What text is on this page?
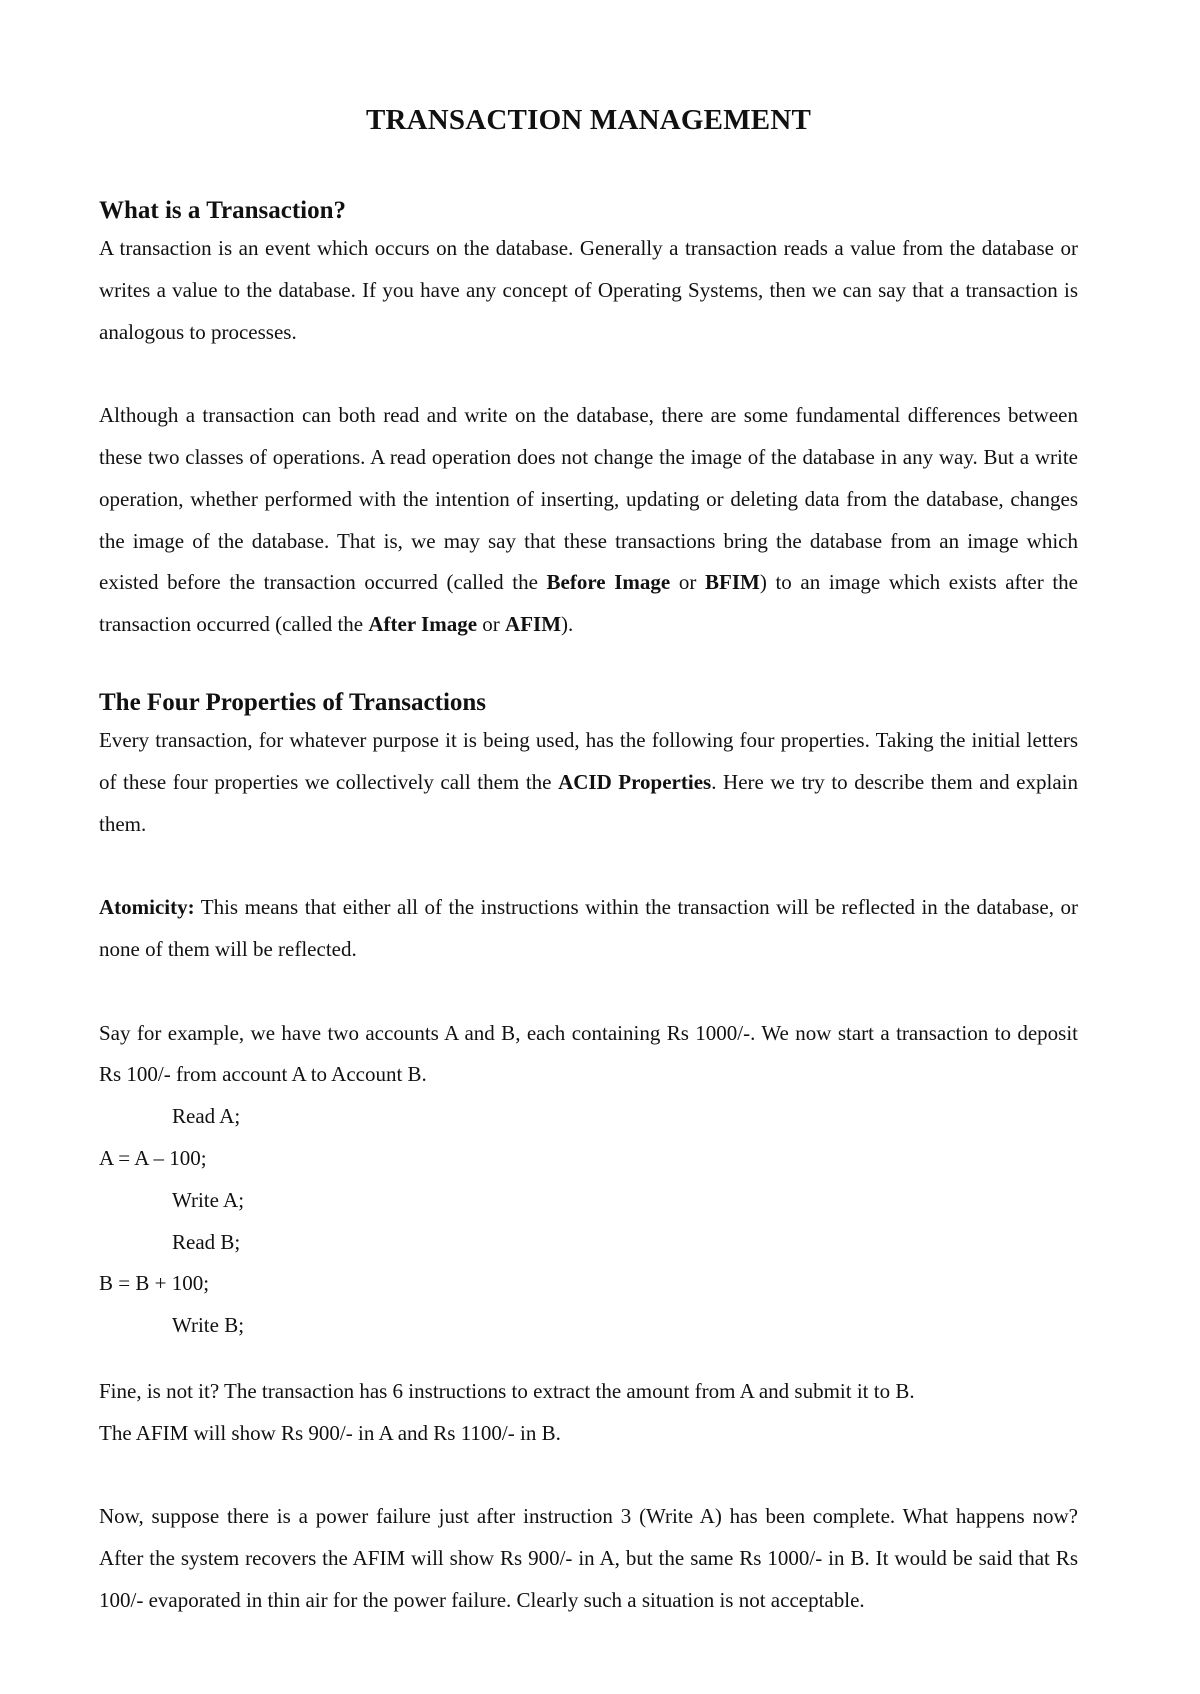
TRANSACTION MANAGEMENT
What is a Transaction?

A transaction is an event which occurs on the database. Generally a transaction reads a value from the database or writes a value to the database. If you have any concept of Operating Systems, then we can say that a transaction is analogous to processes.

Although a transaction can both read and write on the database, there are some fundamental differences between these two classes of operations. A read operation does not change the image of the database in any way. But a write operation, whether performed with the intention of inserting, updating or deleting data from the database, changes the image of the database. That is, we may say that these transactions bring the database from an image which existed before the transaction occurred (called the Before Image or BFIM) to an image which exists after the transaction occurred (called the After Image or AFIM).

The Four Properties of Transactions

Every transaction, for whatever purpose it is being used, has the following four properties. Taking the initial letters of these four properties we collectively call them the ACID Properties. Here we try to describe them and explain them.

Atomicity: This means that either all of the instructions within the transaction will be reflected in the database, or none of them will be reflected.

Say for example, we have two accounts A and B, each containing Rs 1000/-. We now start a transaction to deposit Rs 100/- from account A to Account B.

Read A;

A = A – 100;

Write A;

Read B;

B = B + 100;

Write B;

Fine, is not it? The transaction has 6 instructions to extract the amount from A and submit it to B.

The AFIM will show Rs 900/- in A and Rs 1100/- in B.

Now, suppose there is a power failure just after instruction 3 (Write A) has been complete. What happens now? After the system recovers the AFIM will show Rs 900/- in A, but the same Rs 1000/- in B. It would be said that Rs 100/- evaporated in thin air for the power failure. Clearly such a situation is not acceptable.
